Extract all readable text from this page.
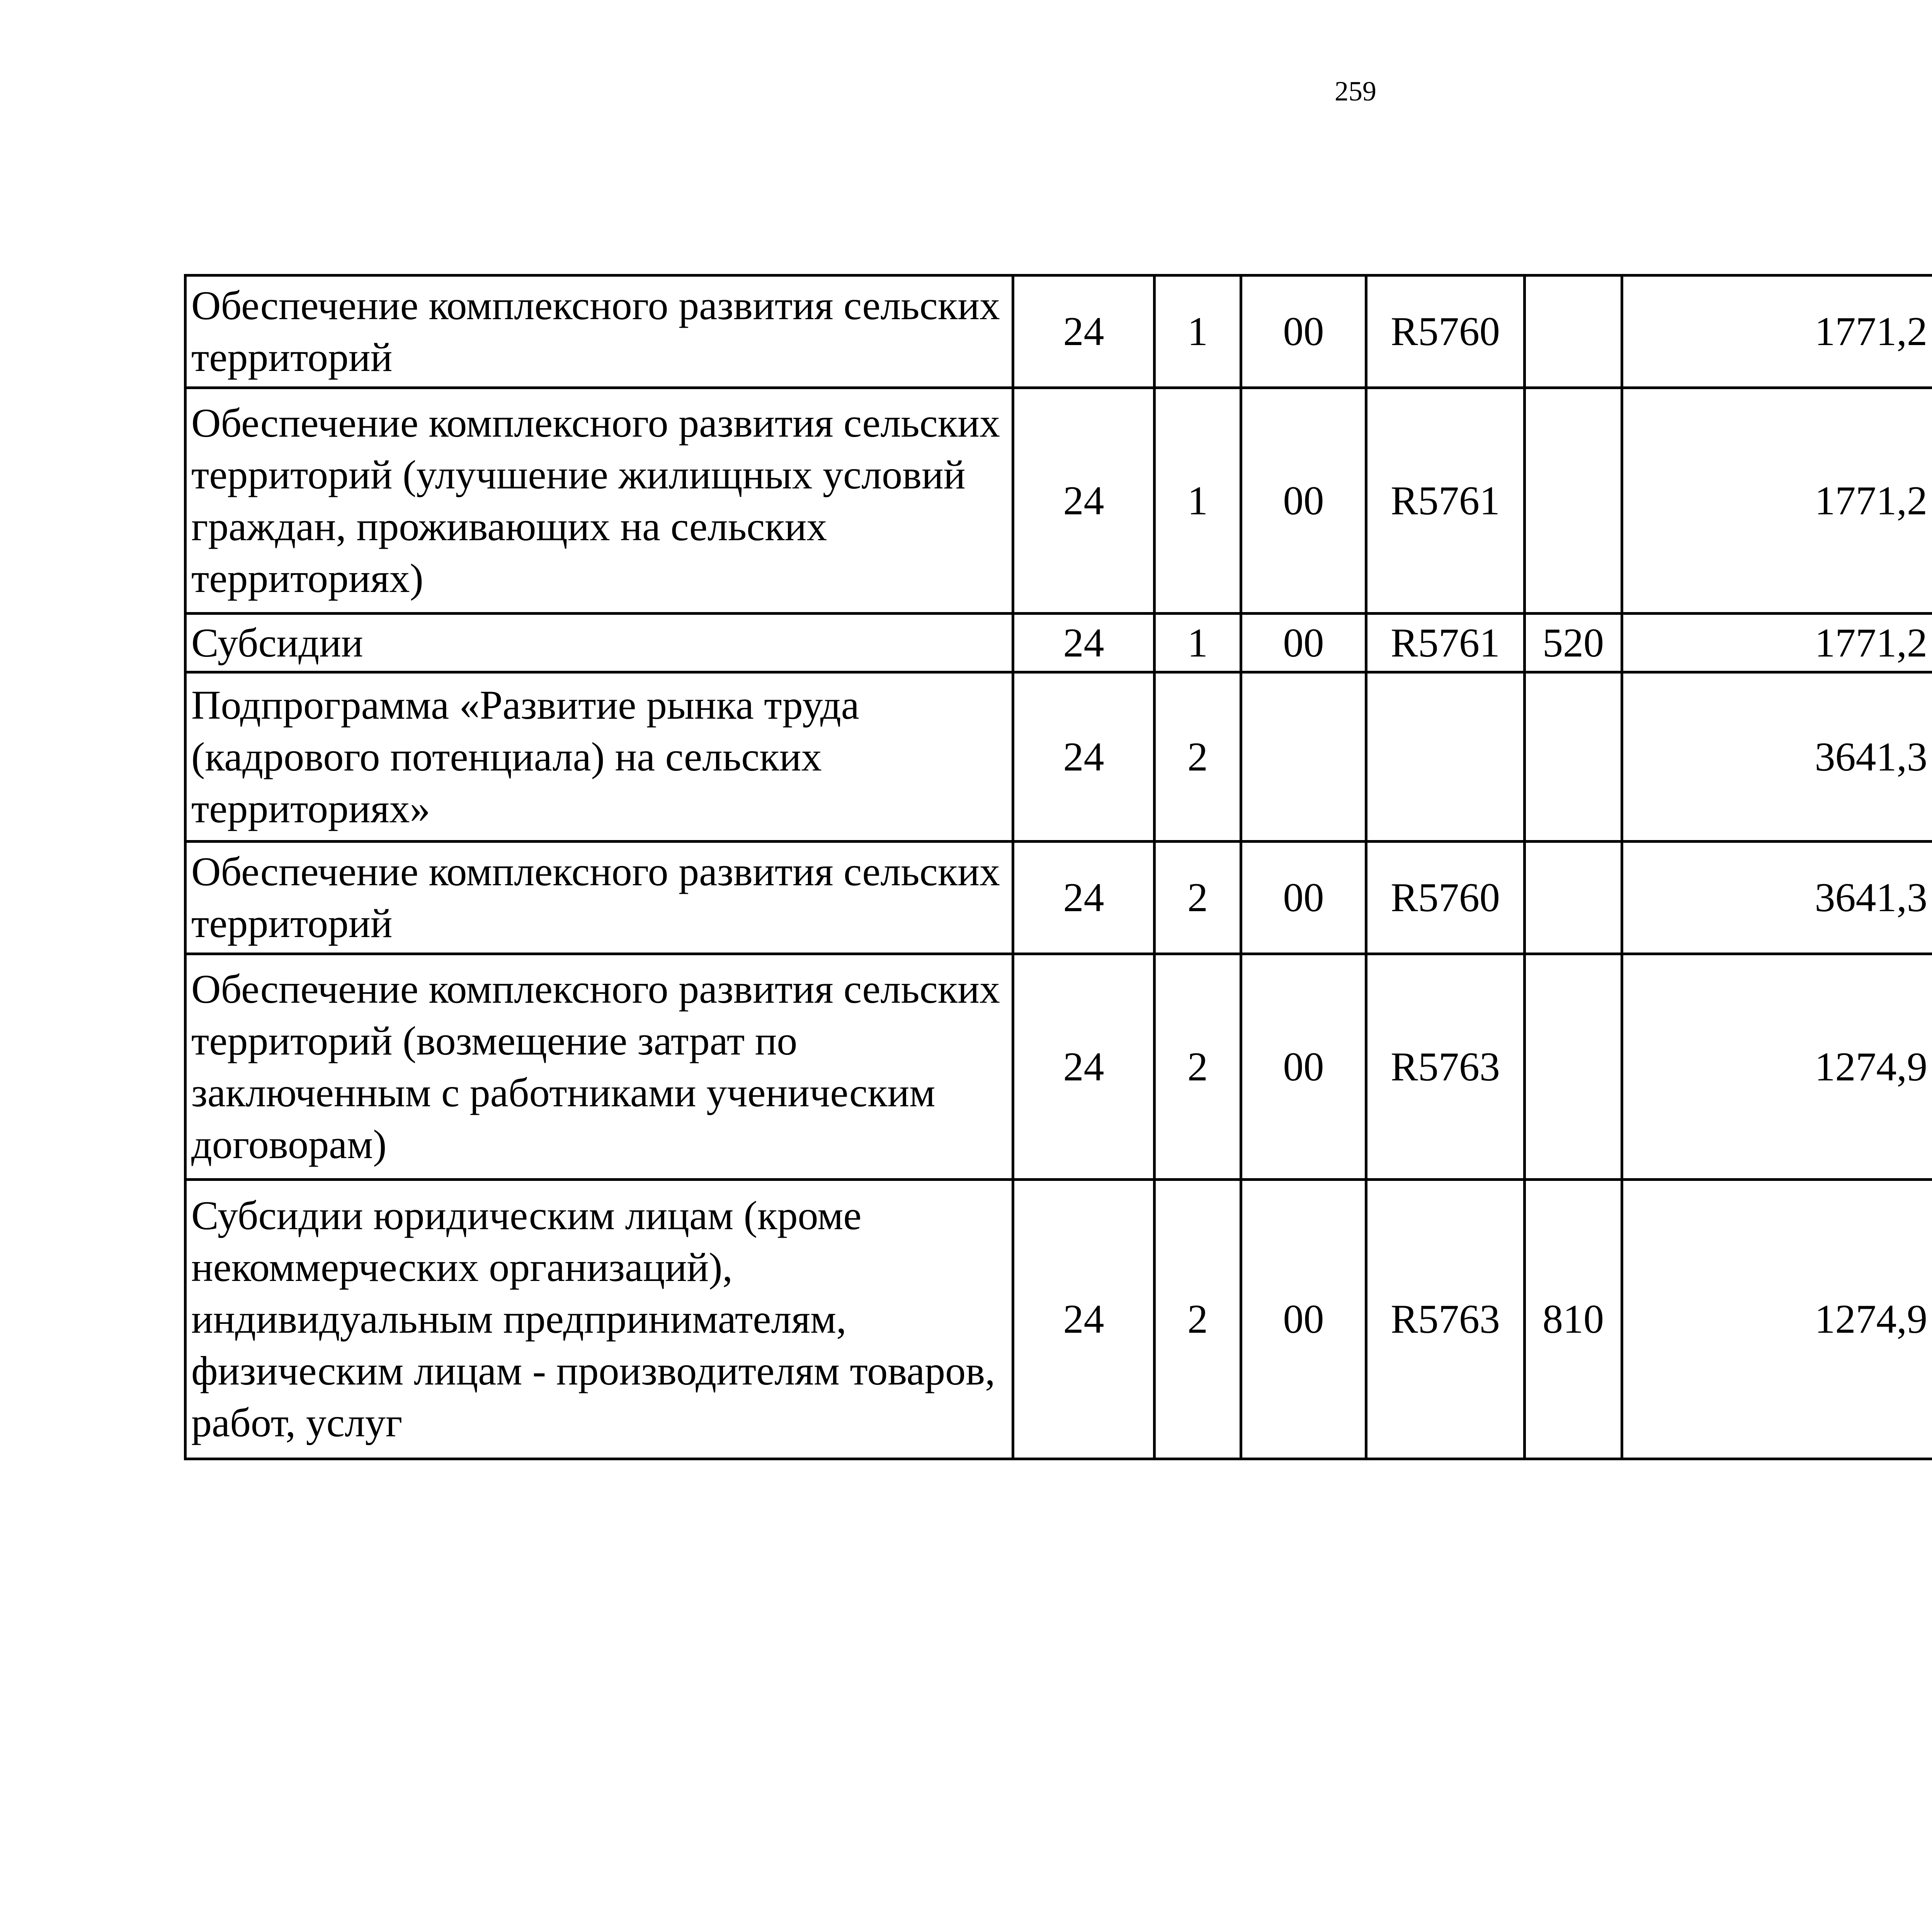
259
Обеспечение комплексного развития сельских территорий	24	1	00	R5760		1771,2		
Обеспечение комплексного развития сельских территорий (улучшение жилищных условий граждан, проживающих на сельских территориях)	24	1	00	R5761		1771,2		
Субсидии	24	1	00	R5761	520	1771,2		
Подпрограмма «Развитие рынка труда (кадрового потенциала) на сельских территориях»	24	2				3641,3		
Обеспечение комплексного развития сельских территорий	24	2	00	R5760		3641,3		
Обеспечение комплексного развития сельских территорий (возмещение затрат по заключенным с работниками ученическим договорам)	24	2	00	R5763		1274,9		
Субсидии юридическим лицам (кроме некоммерческих организаций), индивидуальным предпринимателям, физическим лицам - производителям товаров, работ, услуг	24	2	00	R5763	810	1274,9		
